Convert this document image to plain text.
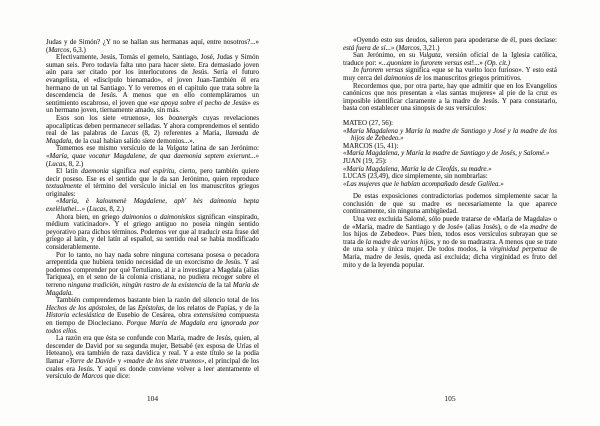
Judas y de Simón? ¿Y no se hallan sus hermanas aquí, entre nosotros?...» (Marcos, 6,3.)

Efectivamente, Jesús, Tomás el gemelo, Santiago, José, Judas y Simón suman seis. Pero todavía falta uno para hacer siete. Era demasiado joven aún para ser citado por los interlocutores de Jesús. Sería el futuro evangelista, el «discípulo bienamado», el joven Juan-También él era hermano de un tal Santiago. Y lo veremos en el capítulo que trata sobre la descendencia de Jesús. A menos que en ello contempláramos un sentimiento escabroso, el joven que «se apoya sobre el pecho de Jesús» es un hermano joven, tiernamente amado, sin más.

Esos son los siete «truenos», los boanergès cuyas revelaciones apocalípticas deben permanecer selladas. Y ahora comprendemos el sentido real de las palabras de Lucas (8, 2) referentes a María, llamada de Magdala, de la cual habían salido siete demonios...».

Tomemos ese mismo versículo de la Vulgata latina de san Jerónimo: «María, quae vocatur Magdalene, de qua daemonia septem exierunt...» (Lucas, 8, 2.)

El latín daemonia significa mal espíritu, cierto, pero también quiere decir poseso. Ese es el sentido que le da san Jerónimo, quien reproduce textualmente el término del versículo inicial en los manuscritos griegos originales:

«María, è kaloumenè Magdalene, aph' hès daimonia hepta exelèluthei...» (Lucas, 8, 2.)

Ahora bien, en griego daimonios o daimoniskos significan «inspirado, médium vaticinador». Y el griego antiguo no poseía ningún sentido peyorativo para dichos términos. Podemos ver que al traducir esta frase del griego al latín, y del latín al español, su sentido real se había modificado considerablemente.

Por lo tanto, no hay nada sobre ninguna cortesana posesa o pecadora arrepentida que hubiera tenido necesidad de un exorcismo de Jesús. Y así podemos comprender por qué Tertuliano, al ir a investigar a Magdala (alias Tariquea), en el seno de la colonia cristiana, no pudiera recoger sobre el terreno ninguna tradición, ningún rastro de la existencia de la tal María de Magdala.

También comprendemos bastante bien la razón del silencio total de los Hechos de los apóstoles, de las Epístolas, de los relatos de Papías, y de la Historia eclesiástica de Eusebio de Cesárea, obra extensísima compuesta en tiempo de Diocleciano. Porque María de Magdala era ignorada por todos ellos.

La razón era que ésta se confunde con María, madre de Jesús, quien, al descender de David por su segunda mujer, Betsabé (ex esposa de Urías el Heteano), era también de raza davídica y real. Y a este título se la podía llamar «Torre de David» y «madre de los siete truenos», el principal de los cuales era Jesús. Y aquí es donde conviene volver a leer atentamente el versículo de Marcos que dice:

«Oyendo esto sus deudos, salieron para apoderarse de él, pues decíase: está fuera de sí...» (Marcos, 3,21.)

San Jerónimo, en su Vulgata, versión oficial de la Iglesia católica, traduce por: «...quoniam in furorem versus est!...» (Op. cit.)

In furorem versus significa «que se ha vuelto loco furioso». Y esto está muy cerca del daimonios de los manuscritos griegos primitivos.

Recordemos que, por otra parte, hay que admitir que en los Evangelios canónicos que nos presentan a «las santas mujeres» al pie de la cruz es imposible identificar claramente a la madre de Jesús. Y para constatarlo, basta con establecer una sinopsis de sus versículos:

MATEO (27, 56):

«María Magdalena y María la madre de Santiago y José y la madre de los hijos de Zebedeo.»

MARCOS (15, 41):

«María Magdalena, y María la madre de Santiago y de Josés, y Salomé.»

JUAN (19, 25):

«María Magdalena, María la de Cleofás, su madre.»

LUCAS (23,49), dice simplemente, sin nombrarlas:

«Las mujeres que le habían acompañado desde Galilea.»

De estas exposiciones contradictorias podemos simplemente sacar la conclusión de que su madre es necesariamente la que aparece continuamente, sin ninguna ambigüedad.

Una vez excluida Salomé, sólo puede tratarse de «María de Magdala» o de «María, madre de Santiago y de José» (alias Josés), o de «la madre de los hijos de Zebedeo». Pues bien, todos esos versículos subrayan que se trata de la madre de varios hijos, y no de su madrastra. A menos que se trate de una sola y única mujer. De todos modos, la virginidad perpetua de María, madre de Jesús, queda así excluida; dicha virginidad es fruto del mito y de la leyenda popular.

104	105
